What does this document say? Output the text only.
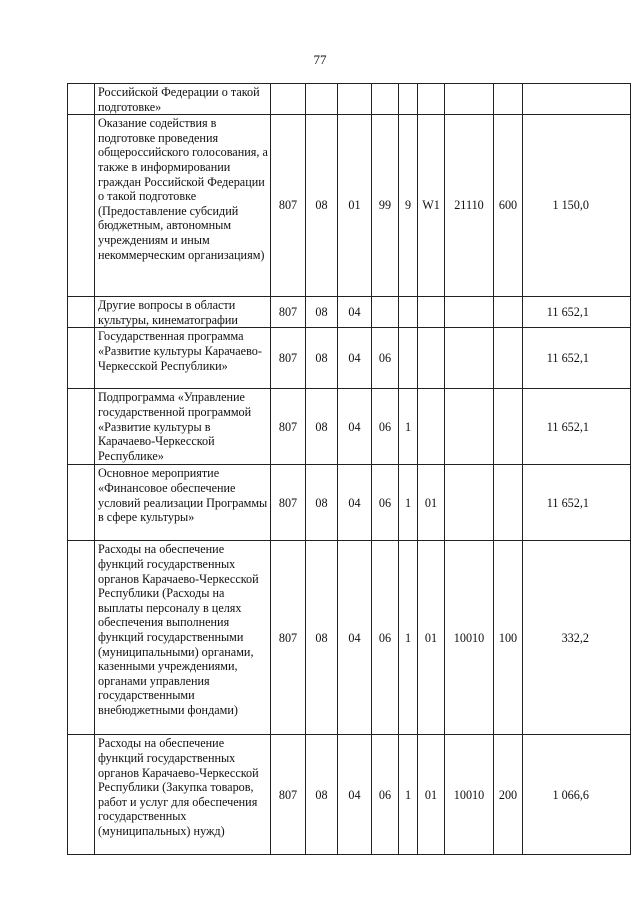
77
	Российской Федерации о такой подготовке»									
	Оказание содействия в подготовке проведения общероссийского голосования, а также в информировании граждан Российской Федерации о такой подготовке (Предоставление субсидий бюджетным, автономным учреждениям и иным некоммерческим организациям)	807	08	01	99	9	W1	21110	600	1 150,0
	Другие вопросы в области культуры, кинематографии	807	08	04						11 652,1
	Государственная программа «Развитие культуры Карачаево-Черкесской Республики»	807	08	04	06					11 652,1
	Подпрограмма «Управление государственной программой «Развитие культуры в Карачаево-Черкесской Республике»	807	08	04	06	1				11 652,1
	Основное мероприятие «Финансовое обеспечение условий реализации Программы в сфере культуры»	807	08	04	06	1	01			11 652,1
	Расходы на обеспечение функций государственных органов Карачаево-Черкесской Республики (Расходы на выплаты персоналу в целях обеспечения выполнения функций государственными (муниципальными) органами, казенными учреждениями, органами управления государственными внебюджетными фондами)	807	08	04	06	1	01	10010	100	332,2
	Расходы на обеспечение функций государственных органов Карачаево-Черкесской Республики (Закупка товаров, работ и услуг для обеспечения государственных (муниципальных) нужд)	807	08	04	06	1	01	10010	200	1 066,6
